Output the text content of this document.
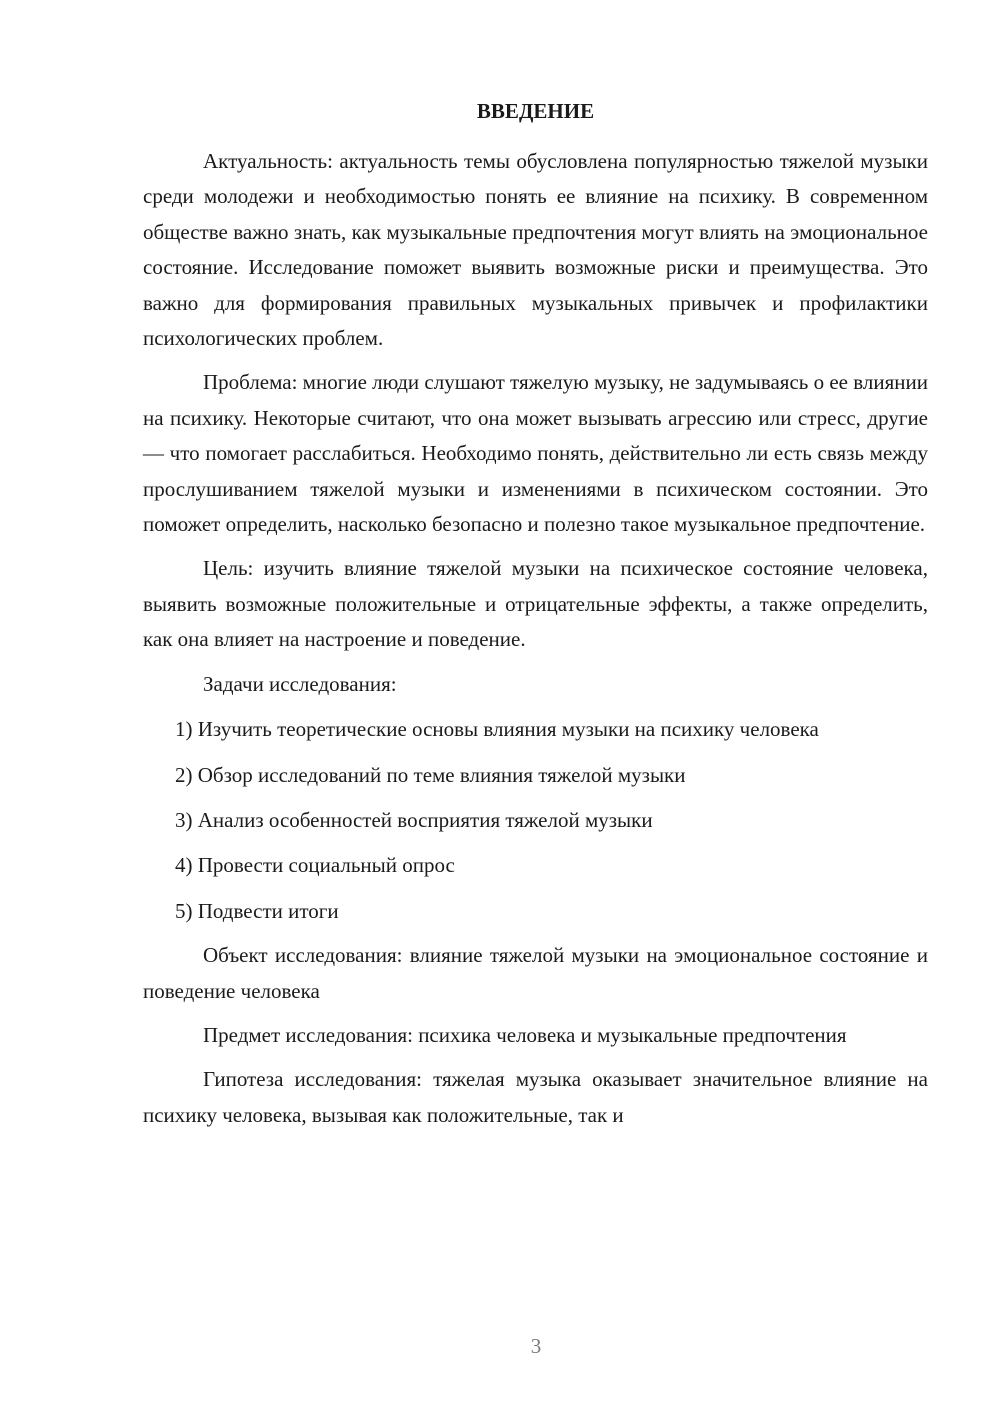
ВВЕДЕНИЕ

Актуальность: актуальность темы обусловлена популярностью тяжелой музыки среди молодежи и необходимостью понять ее влияние на психику. В современном обществе важно знать, как музыкальные предпочтения могут влиять на эмоциональное состояние. Исследование поможет выявить возможные риски и преимущества. Это важно для формирования правильных музыкальных привычек и профилактики психологических проблем.

Проблема: многие люди слушают тяжелую музыку, не задумываясь о ее влиянии на психику. Некоторые считают, что она может вызывать агрессию или стресс, другие — что помогает расслабиться. Необходимо понять, действительно ли есть связь между прослушиванием тяжелой музыки и изменениями в психическом состоянии. Это поможет определить, насколько безопасно и полезно такое музыкальное предпочтение.

Цель: изучить влияние тяжелой музыки на психическое состояние человека, выявить возможные положительные и отрицательные эффекты, а также определить, как она влияет на настроение и поведение.

Задачи исследования:

1) Изучить теоретические основы влияния музыки на психику человека

2) Обзор исследований по теме влияния тяжелой музыки

3) Анализ особенностей восприятия тяжелой музыки

4) Провести социальный опрос

5) Подвести итоги

Объект исследования: влияние тяжелой музыки на эмоциональное состояние и поведение человека

Предмет исследования: психика человека и музыкальные предпочтения

Гипотеза исследования: тяжелая музыка оказывает значительное влияние на психику человека, вызывая как положительные, так и

3
